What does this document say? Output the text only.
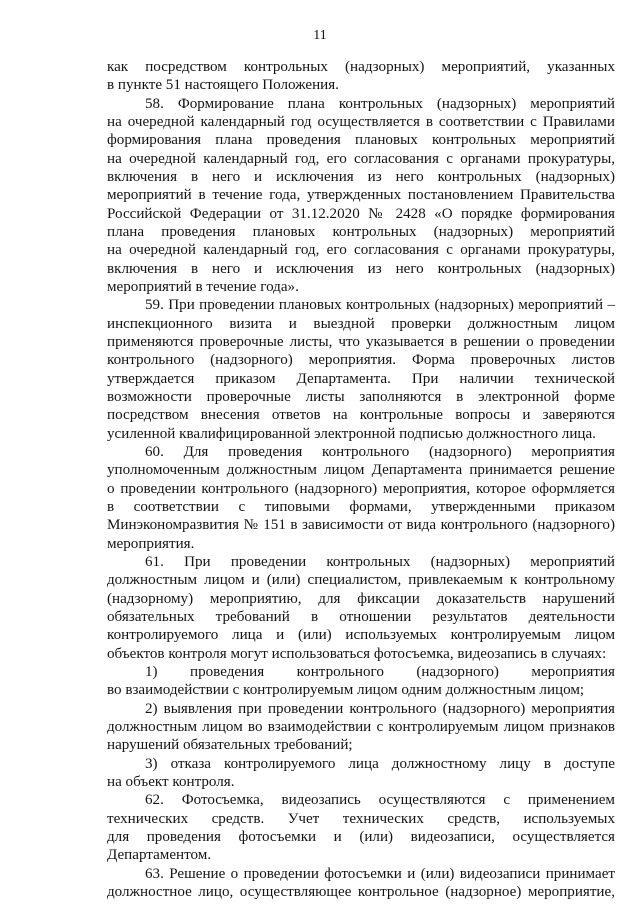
11
как посредством контрольных (надзорных) мероприятий, указанных
в пункте 51 настоящего Положения.
58. Формирование плана контрольных (надзорных) мероприятий
на очередной календарный год осуществляется в соответствии с Правилами
формирования плана проведения плановых контрольных мероприятий
на очередной календарный год, его согласования с органами прокуратуры,
включения в него и исключения из него контрольных (надзорных)
мероприятий в течение года, утвержденных постановлением Правительства
Российской Федерации от 31.12.2020 № 2428 «О порядке формирования
плана проведения плановых контрольных (надзорных) мероприятий
на очередной календарный год, его согласования с органами прокуратуры,
включения в него и исключения из него контрольных (надзорных)
мероприятий в течение года».
59. При проведении плановых контрольных (надзорных) мероприятий –
инспекционного визита и выездной проверки должностным лицом
применяются проверочные листы, что указывается в решении о проведении
контрольного (надзорного) мероприятия. Форма проверочных листов
утверждается приказом Департамента. При наличии технической
возможности проверочные листы заполняются в электронной форме
посредством внесения ответов на контрольные вопросы и заверяются
усиленной квалифицированной электронной подписью должностного лица.
60. Для проведения контрольного (надзорного) мероприятия
уполномоченным должностным лицом Департамента принимается решение
о проведении контрольного (надзорного) мероприятия, которое оформляется
в соответствии с типовыми формами, утвержденными приказом
Минэкономразвития № 151 в зависимости от вида контрольного (надзорного)
мероприятия.
61. При проведении контрольных (надзорных) мероприятий
должностным лицом и (или) специалистом, привлекаемым к контрольному
(надзорному) мероприятию, для фиксации доказательств нарушений
обязательных требований в отношении результатов деятельности
контролируемого лица и (или) используемых контролируемым лицом
объектов контроля могут использоваться фотосъемка, видеозапись в случаях:
1) проведения контрольного (надзорного) мероприятия
во взаимодействии с контролируемым лицом одним должностным лицом;
2) выявления при проведении контрольного (надзорного) мероприятия
должностным лицом во взаимодействии с контролируемым лицом признаков
нарушений обязательных требований;
3) отказа контролируемого лица должностному лицу в доступе
на объект контроля.
62. Фотосъемка, видеозапись осуществляются с применением
технических средств. Учет технических средств, используемых
для проведения фотосъемки и (или) видеозаписи, осуществляется
Департаментом.
63. Решение о проведении фотосъемки и (или) видеозаписи принимает
должностное лицо, осуществляющее контрольное (надзорное) мероприятие,
